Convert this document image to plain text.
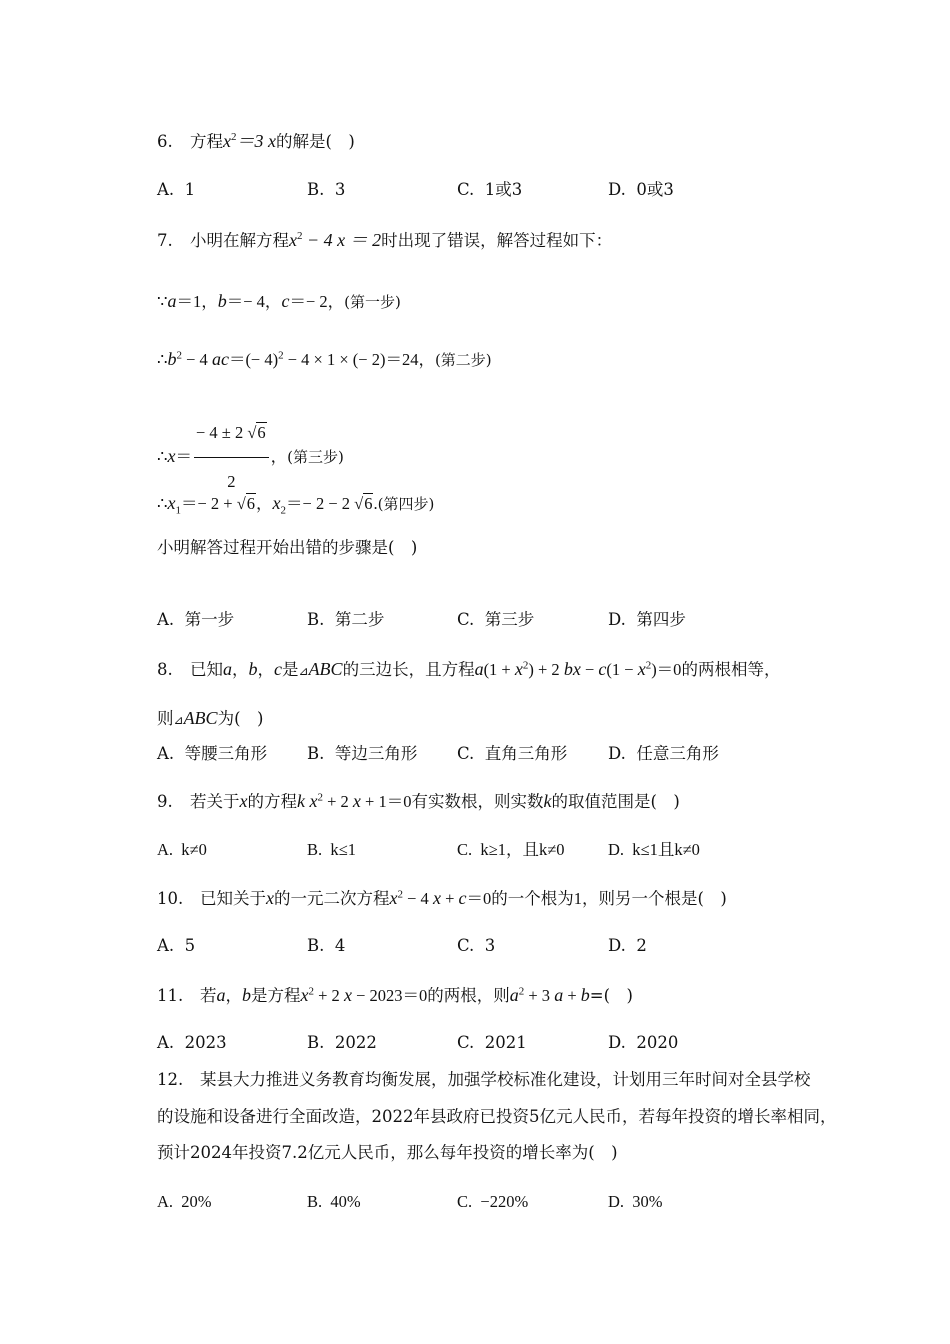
6. 方程$x^2=3$ x的解是(　)
A. 1	B. 3	C. 1或3	D. 0或3
7. 小明在解方程$x^2 - 4$ x ＝ 2时出现了错误，解答过程如下：
∵a＝1，b＝− 4，c＝− 2，(第一步)
$\therefore b^2 - 4$ $ac=(- 4)^2 - 4 \times 1$ × (− 2)＝24，(第二步)
∴x＝ $\frac{- 4 \pm 2 √6}{2}$ ，(第三步)
$\therefore x_1=- 2 + √6$，$x_2=- 2 - 2$ √6.(第四步)
小明解答过程开始出错的步骤是(　)
A. 第一步	B. 第二步	C. 第三步	D. 第四步
8. 已知a，b，c是⊿ABC的三边长，且方程$a(1 + x^2) + 2$ bx − $c(1 - x^2)=0$的两根相等，
则⊿ABC为(　)
A. 等腰三角形 B. 等边三角形 C. 直角三角形 D. 任意三角形
9. 若关于x的方程k $x^2 + 2$ x + 1＝0有实数根，则实数k的取值范围是(　)
A. k≠0	B. k≤1	C. k≥1，且k≠0	D. k≤1且k≠0
10. 已知关于x的一元二次方程$x^2 - 4$ x + c＝0的一个根为1，则另一个根是(　)
A. 5	B. 4	C. 3	D. 2
11. 若a，b是方程$x^2 + 2$ x − 2023＝0的两根，则$a^2 + 3$ a + b=(　)
A. 2023	B. 2022	C. 2021	D. 2020
12. 某县大力推进义务教育均衡发展，加强学校标准化建设，计划用三年时间对全县学校
的设施和设备进行全面改造，2022年县政府已投资5亿元人民币，若每年投资的增长率相同，
预计2024年投资7.2亿元人民币，那么每年投资的增长率为(　)
A. 20%	B. 40%	C. −220%	D. 30%
